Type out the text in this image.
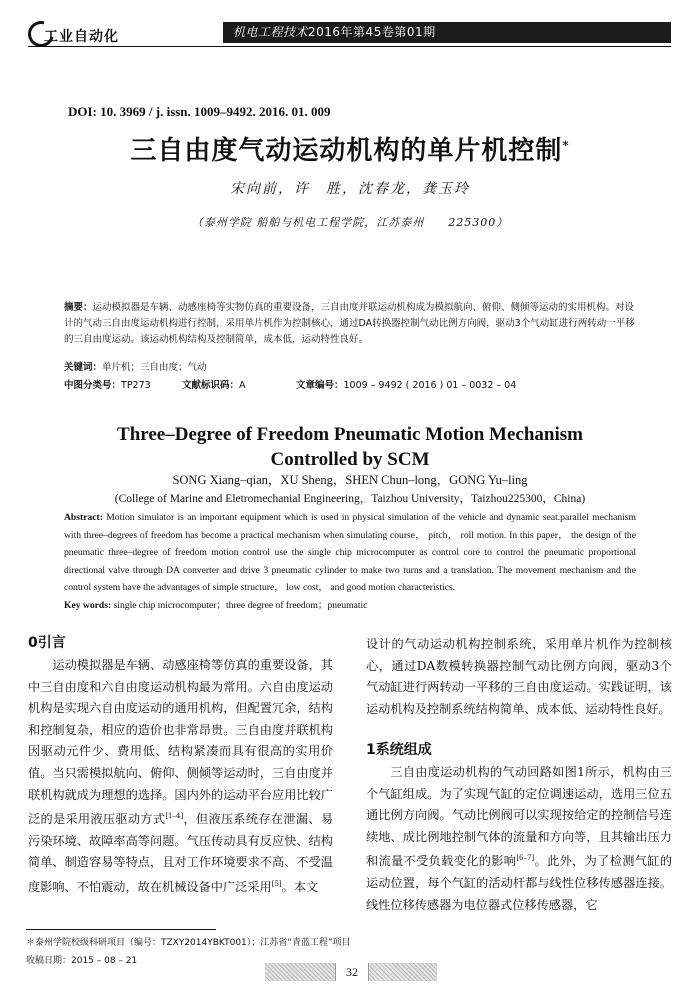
工业自动化	机电工程技术2016年第45卷第01期
DOI: 10. 3969 / j. issn. 1009–9492. 2016. 01. 009
三自由度气动运动机构的单片机控制*
宋向前，许　胜，沈春龙，龚玉玲
（泰州学院 船舶与机电工程学院，江苏泰州　　225300）
摘要：运动模拟器是车辆、动感座椅等实物仿真的重要设备，三自由度并联运动机构成为模拟航向、俯仰、侧倾等运动的实用机构。对设计的气动三自由度运动机构进行控制，采用单片机作为控制核心，通过DA转换器控制气动比例方向阀，驱动3个气动缸进行两转动一平移的三自由度运动。该运动机构结构及控制简单，成本低，运动特性良好。
关键词：单片机；三自由度；气动
中图分类号：TP273	文献标识码：A	文章编号：1009 – 9492 ( 2016 ) 01 – 0032 – 04
Three–Degree of Freedom Pneumatic Motion Mechanism
Controlled by SCM
SONG Xiang–qian，XU Sheng，SHEN Chun–long，GONG Yu–ling
(College of Marine and Eletromechanial Engineering，Taizhou University，Taizhou225300，China)
Abstract: Motion simulator is an important equipment which is used in physical simulation of the vehicle and dynamic seat.parallel mechanism with three–degrees of freedom has become a practical mechanism when simulating course， pitch， roll motion. In this paper， the design of the pneumatic three–degree of freedom motion control use the single chip microcomputer as control core to control the pneumatic proportional directional valve through DA converter and drive 3 pneumatic cylinder to make two turns and a translation. The movement mechanism and the control system have the advantages of simple structure， low cost， and good motion characteristics.
Key words: single chip microcomputer；three degree of freedom；pneumatic
0引言

运动模拟器是车辆、动感座椅等仿真的重要设备，其中三自由度和六自由度运动机构最为常用。六自由度运动机构是实现六自由度运动的通用机构，但配置冗余，结构和控制复杂，相应的造价也非常昂贵。三自由度并联机构因驱动元件少、费用低、结构紧凑而具有很高的实用价值。当只需模拟航向、俯仰、侧倾等运动时，三自由度并联机构就成为理想的选择。国内外的运动平台应用比较广泛的是采用液压驱动方式[1–4]，但液压系统存在泄漏、易污染环境、故障率高等问题。气压传动具有反应快、结构简单、制造容易等特点，且对工作环境要求不高、不受温度影响、不怕震动，故在机械设备中广泛采用[5]。本文

设计的气动运动机构控制系统，采用单片机作为控制核心，通过DA数模转换器控制气动比例方向阀，驱动3个气动缸进行两转动一平移的三自由度运动。实践证明，该运动机构及控制系统结构简单、成本低、运动特性良好。

1系统组成

三自由度运动机构的气动回路如图1所示，机构由三个气缸组成。为了实现气缸的定位调速运动，选用三位五通比例方向阀。气动比例阀可以实现按给定的控制信号连续地、成比例地控制气体的流量和方向等，且其输出压力和流量不受负载变化的影响[6–7]。此外，为了检测气缸的运动位置，每个气缸的活动杆都与线性位移传感器连接。线性位移传感器为电位器式位移传感器，它

＊泰州学院校级科研项目（编号：TZXY2014YBKT001）；江苏省“青蓝工程”项目
收稿日期：2015 – 08 – 21
32
